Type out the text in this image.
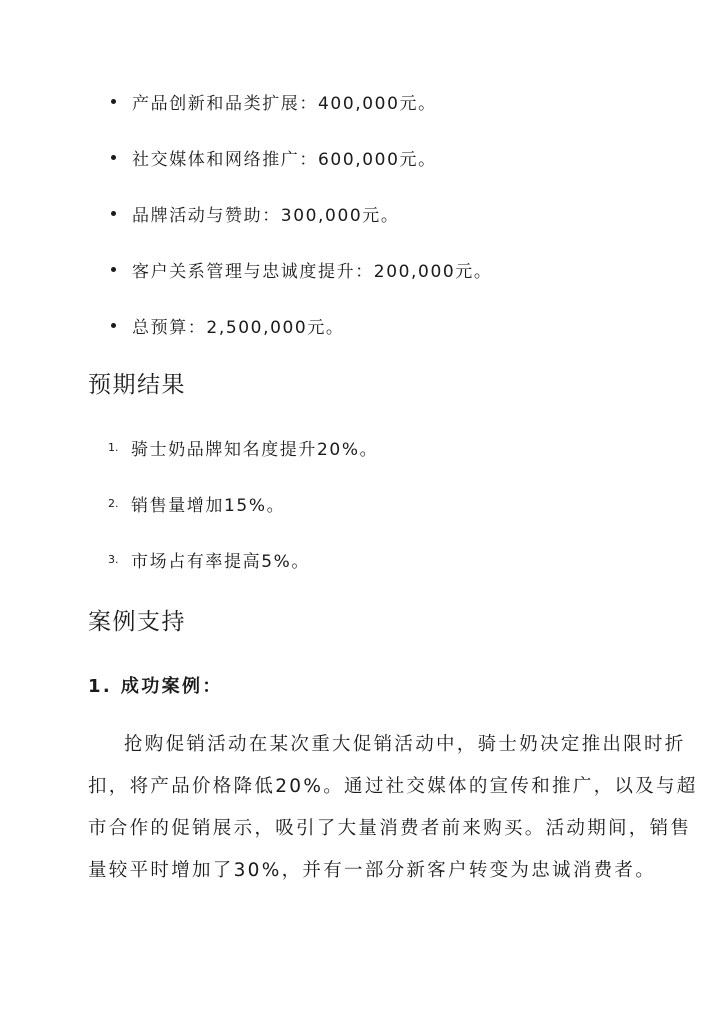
产品创新和品类扩展：400,000元。
社交媒体和网络推广：600,000元。
品牌活动与赞助：300,000元。
客户关系管理与忠诚度提升：200,000元。
总预算：2,500,000元。
预期结果
1. 骑士奶品牌知名度提升20%。
2. 销售量增加15%。
3. 市场占有率提高5%。
案例支持
1. 成功案例：

抢购促销活动在某次重大促销活动中，骑士奶决定推出限时折

扣，将产品价格降低20%。通过社交媒体的宣传和推广，以及与超

市合作的促销展示，吸引了大量消费者前来购买。活动期间，销售

量较平时增加了30%，并有一部分新客户转变为忠诚消费者。
